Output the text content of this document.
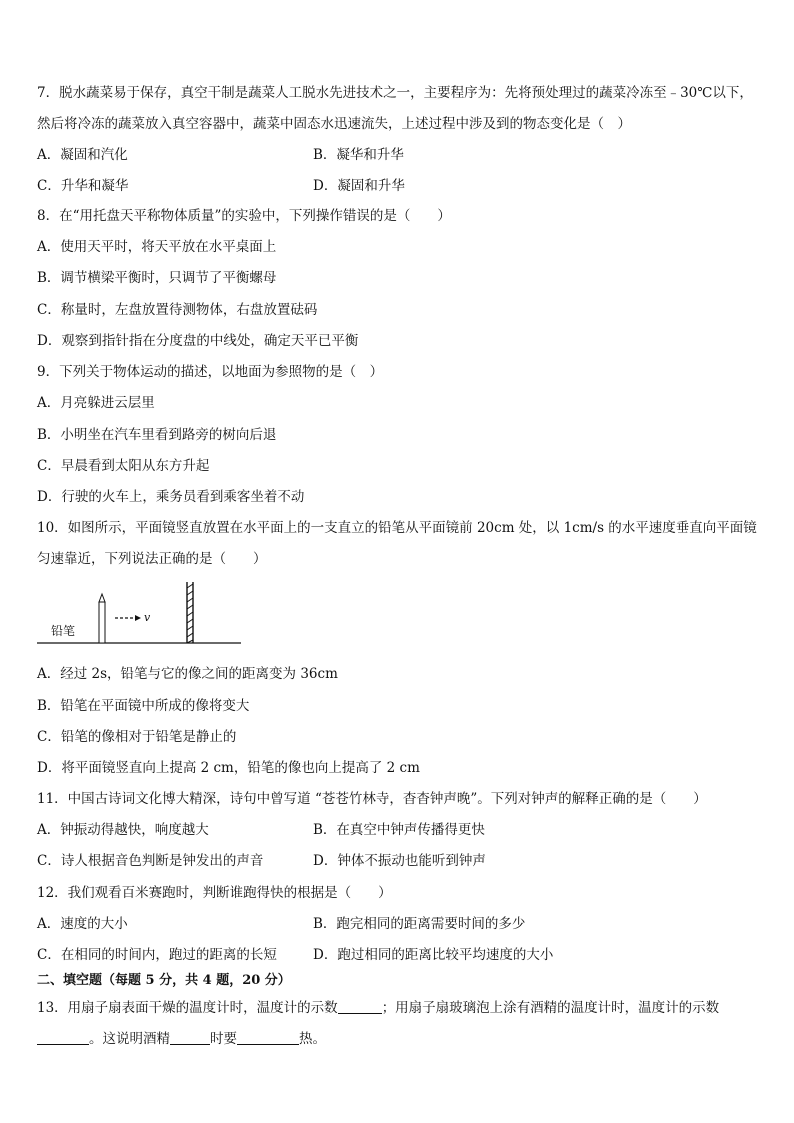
7．脱水蔬菜易于保存，真空干制是蔬菜人工脱水先进技术之一，主要程序为：先将预处理过的蔬菜冷冻至﹣30℃以下，
然后将冷冻的蔬菜放入真空容器中，蔬菜中固态水迅速流失，上述过程中涉及到的物态变化是（　）
A．凝固和汽化	B．凝华和升华
C．升华和凝华	D．凝固和升华
8．在“用托盘天平称物体质量”的实验中，下列操作错误的是（　　）
A．使用天平时，将天平放在水平桌面上
B．调节横梁平衡时，只调节了平衡螺母
C．称量时，左盘放置待测物体，右盘放置砝码
D．观察到指针指在分度盘的中线处，确定天平已平衡
9．下列关于物体运动的描述，以地面为参照物的是（　）
A．月亮躲进云层里
B．小明坐在汽车里看到路旁的树向后退
C．早晨看到太阳从东方升起
D．行驶的火车上，乘务员看到乘客坐着不动
10．如图所示，平面镜竖直放置在水平面上的一支直立的铅笔从平面镜前 20cm 处，以 1cm/s 的水平速度垂直向平面镜
匀速靠近，下列说法正确的是（　　）
铅笔
v
A．经过 2s，铅笔与它的像之间的距离变为 36cm
B．铅笔在平面镜中所成的像将变大
C．铅笔的像相对于铅笔是静止的
D．将平面镜竖直向上提高 2 cm，铅笔的像也向上提高了 2 cm
11．中国古诗词文化博大精深，诗句中曾写道 “苍苍竹林寺，杳杳钟声晚”。下列对钟声的解释正确的是（　　）
A．钟振动得越快，响度越大	B．在真空中钟声传播得更快
C．诗人根据音色判断是钟发出的声音	D．钟体不振动也能听到钟声
12．我们观看百米赛跑时，判断谁跑得快的根据是（　　）
A．速度的大小	B．跑完相同的距离需要时间的多少
C．在相同的时间内，跑过的距离的长短	D．跑过相同的距离比较平均速度的大小
二、填空题（每题 5 分，共 4 题，20 分）
13．用扇子扇表面干燥的温度计时，温度计的示数	；用扇子扇玻璃泡上涂有酒精的温度计时，温度计的示数
。这说明酒精	时要	热。
